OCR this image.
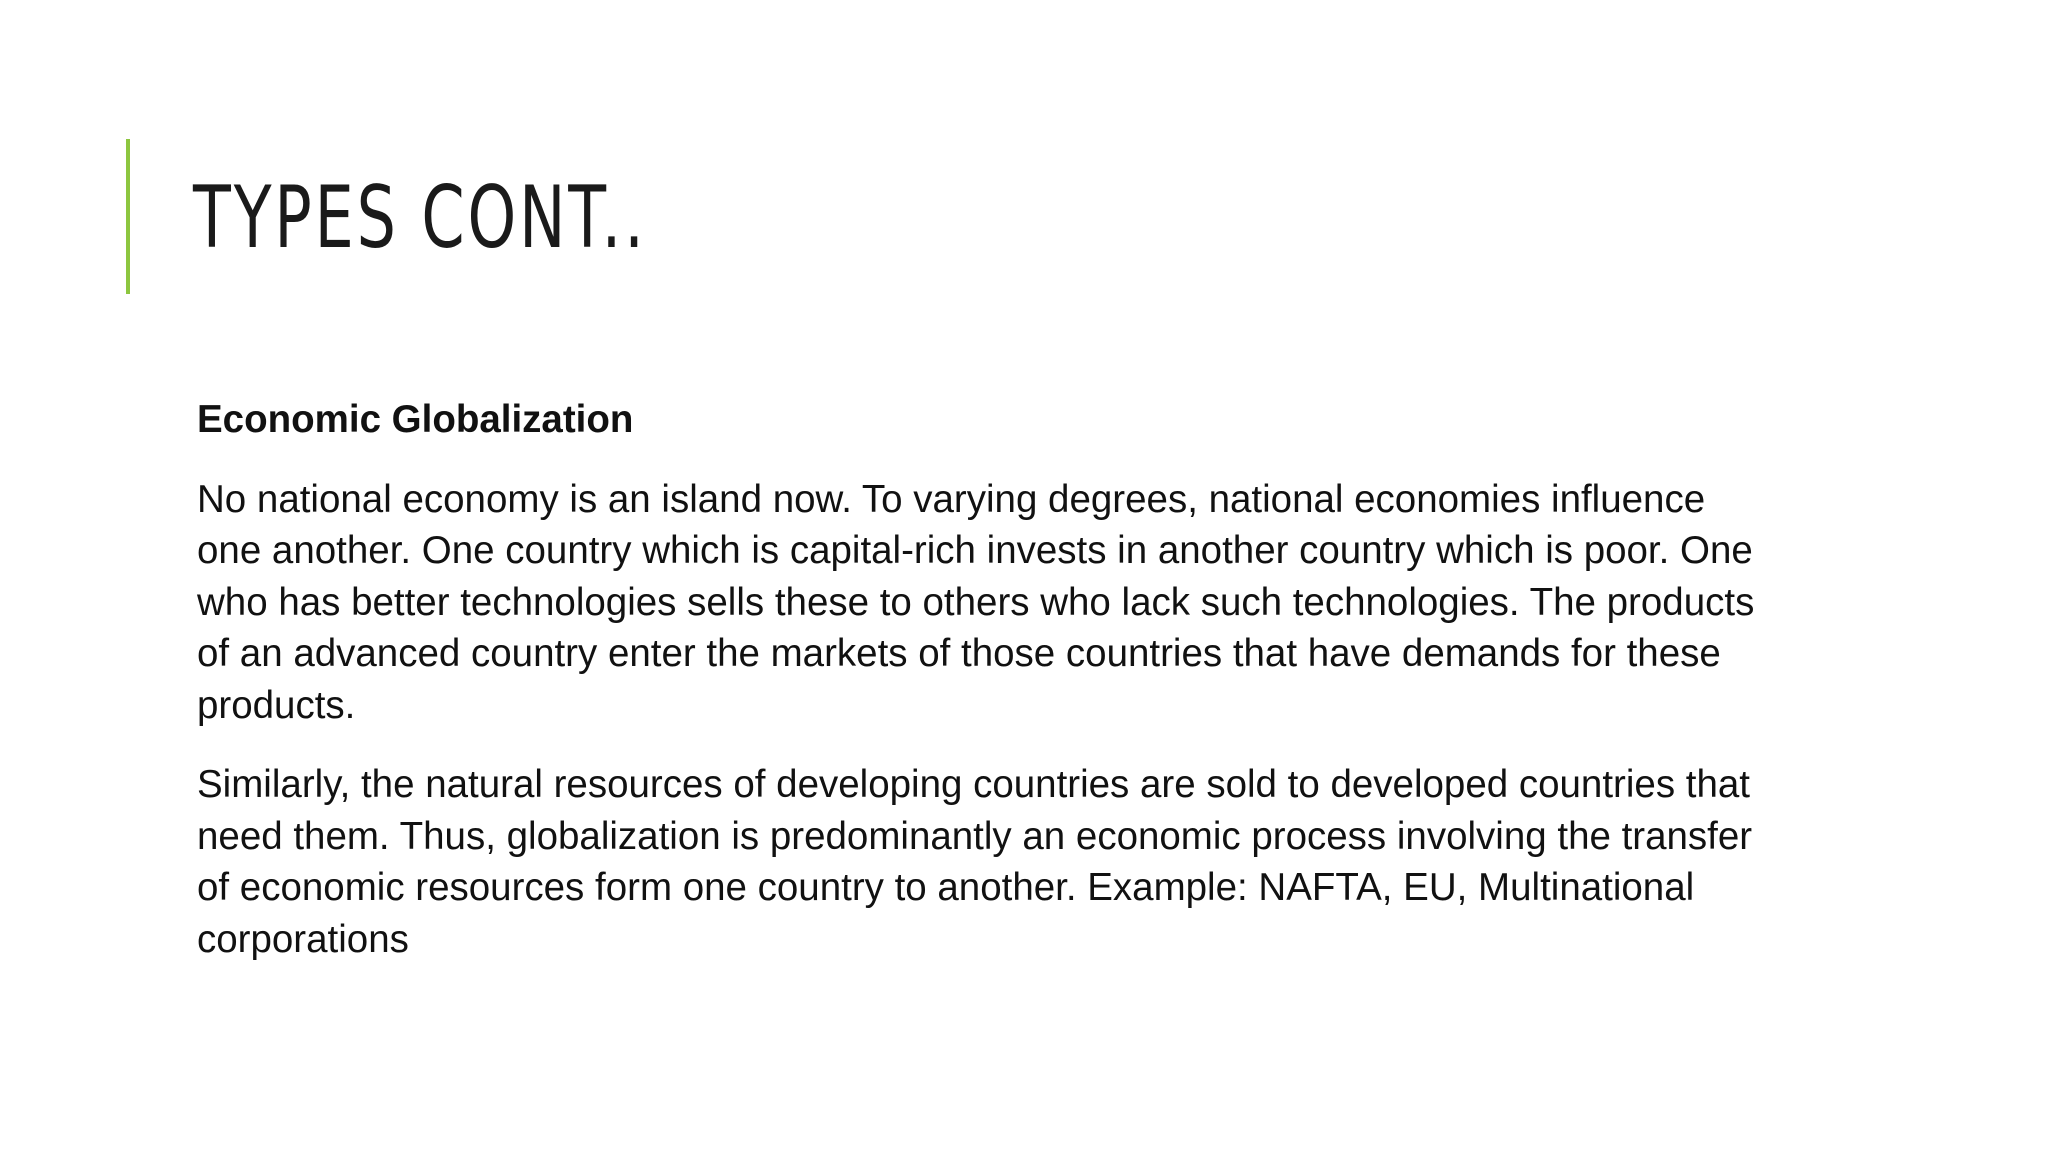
TYPES CONT..

Economic Globalization

No national economy is an island now. To varying degrees, national economies influence one another. One country which is capital-rich invests in another country which is poor. One who has better technologies sells these to others who lack such technologies. The products of an advanced country enter the markets of those countries that have demands for these products.

Similarly, the natural resources of developing countries are sold to developed countries that need them. Thus, globalization is predominantly an economic process involving the transfer of economic resources form one country to another. Example: NAFTA, EU, Multinational corporations
